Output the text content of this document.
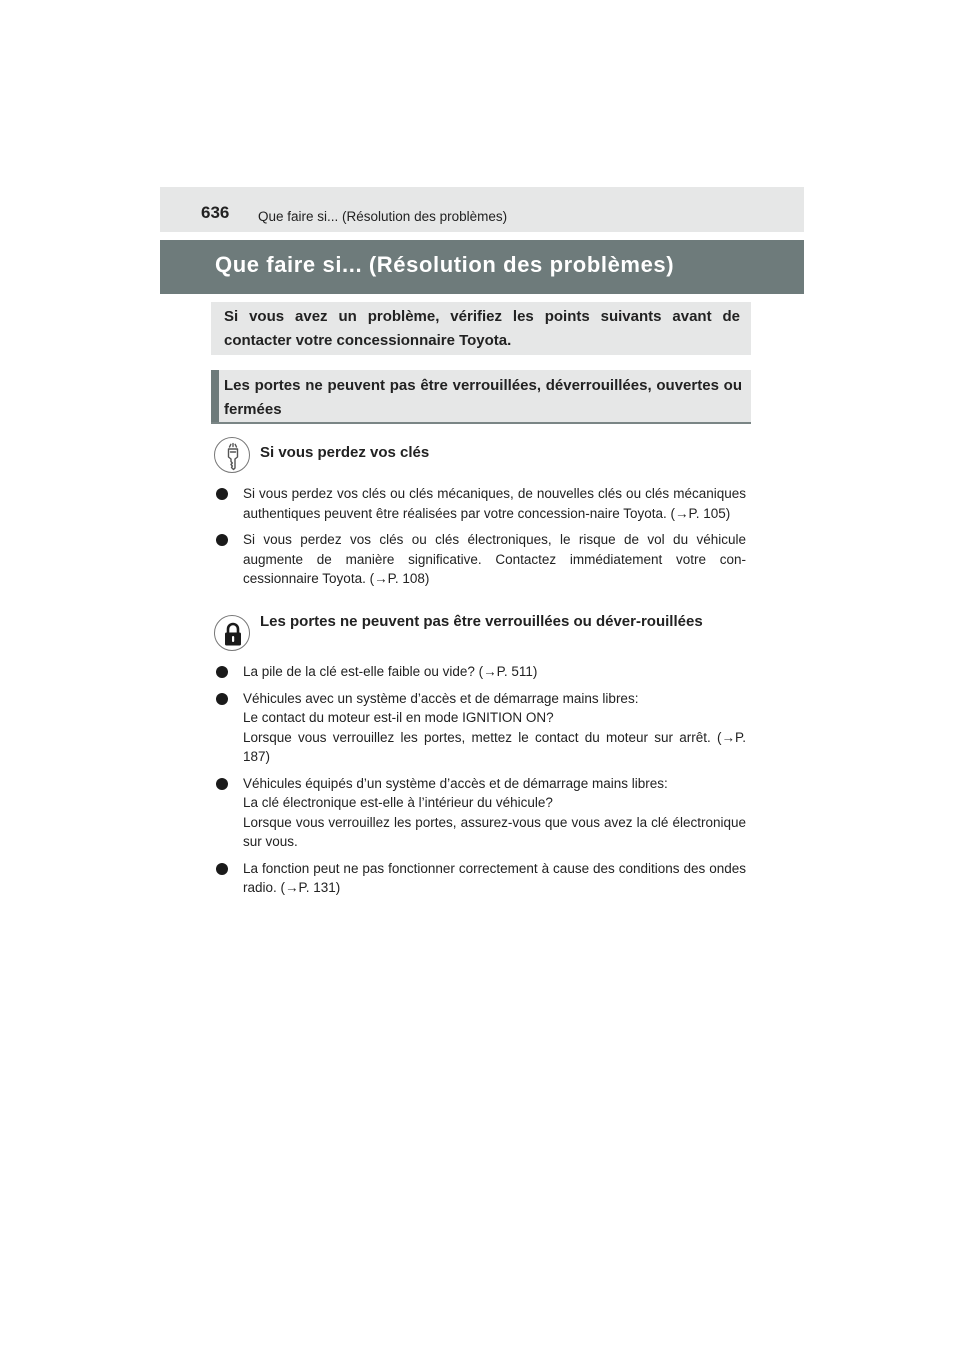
636 Que faire si... (Résolution des problèmes)
Que faire si... (Résolution des problèmes)
Si vous avez un problème, vérifiez les points suivants avant de contacter votre concessionnaire Toyota.
Les portes ne peuvent pas être verrouillées, déverrouillées, ouvertes ou fermées
Si vous perdez vos clés
Si vous perdez vos clés ou clés mécaniques, de nouvelles clés ou clés mécaniques authentiques peuvent être réalisées par votre concession-naire Toyota. (→P. 105)
Si vous perdez vos clés ou clés électroniques, le risque de vol du véhicule augmente de manière significative. Contactez immédiatement votre con-cessionnaire Toyota. (→P. 108)
Les portes ne peuvent pas être verrouillées ou déver-rouillées
La pile de la clé est-elle faible ou vide? (→P. 511)
Véhicules avec un système d’accès et de démarrage mains libres:
Le contact du moteur est-il en mode IGNITION ON?
Lorsque vous verrouillez les portes, mettez le contact du moteur sur arrêt. (→P. 187)
Véhicules équipés d’un système d’accès et de démarrage mains libres:
La clé électronique est-elle à l’intérieur du véhicule?
Lorsque vous verrouillez les portes, assurez-vous que vous avez la clé électronique sur vous.
La fonction peut ne pas fonctionner correctement à cause des conditions des ondes radio. (→P. 131)
